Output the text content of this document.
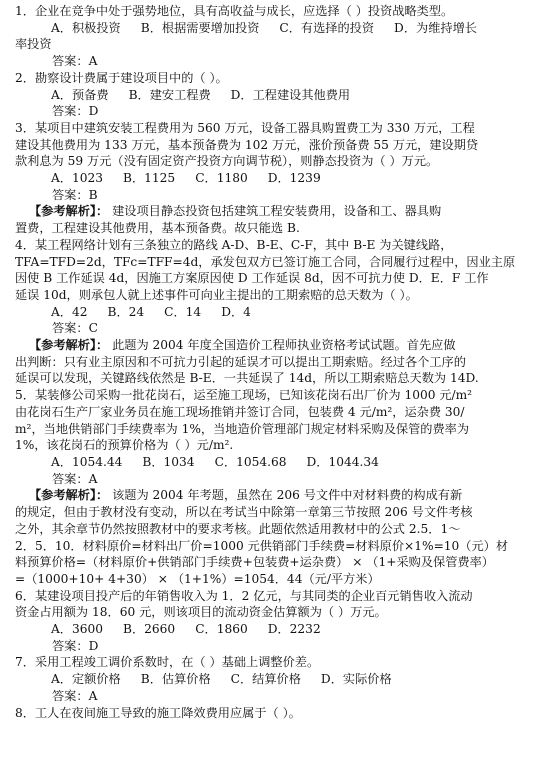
1．企业在竞争中处于强势地位，具有高收益与成长，应选择（ ）投资战略类型。
A．积极投资 B．根据需要增加投资 C．有选择的投资 D．为维持增长
率投资
答案：A
2．勘察设计费属于建设项目中的（ ）。
A．预备费 B．建安工程费 D．工程建设其他费用
答案：D
3．某项目中建筑安装工程费用为 560 万元，设备工器具购置费工为 330 万元，工程
建设其他费用为 133 万元，基本预备费为 102 万元，涨价预备费 55 万元，建设期贷
款利息为 59 万元（没有固定资产投资方向调节税），则静态投资为（ ）万元。
A．1023 B．1125 C．1180 D．1239
答案：B
【参考解析】： 建设项目静态投资包括建筑工程安装费用，设备和工、器具购
置费，工程建设其他费用，基本预备费。故只能选 B.
4．某工程网络计划有三条独立的路线 A-D、B-E、C-F，其中 B-E 为关键线路，
TFA=TFD=2d，TFc=TFF=4d，承发包双方已签订施工合同，合同履行过程中，因业主原
因使 B 工作延误 4d，因施工方案原因使 D 工作延误 8d，因不可抗力使 D．E．F 工作
延误 10d，则承包人就上述事件可向业主提出的工期索赔的总天数为（ ）。
A．42 B．24 C．14 D．4
答案：C
【参考解析】： 此题为 2004 年度全国造价工程师执业资格考试试题。首先应做
出判断：只有业主原因和不可抗力引起的延误才可以提出工期索赔。经过各个工序的
延误可以发现，关键路线依然是 B-E．一共延误了 14d，所以工期索赔总天数为 14D.
5．某装修公司采购一批花岗石，运至施工现场，已知该花岗石出厂价为 1000 元/m²
由花岗石生产厂家业务员在施工现场推销并签订合同，包装费 4 元/m²，运杂费 30/
m²，当地供销部门手续费率为 1%，当地造价管理部门规定材料采购及保管的费率为
1%，该花岗石的预算价格为（ ）元/m².
A．1054.44 B．1034 C．1054.68 D．1044.34
答案：A
【参考解析】： 该题为 2004 年考题，虽然在 206 号文件中对材料费的构成有新
的规定，但由于教材没有变动，所以在考试当中除第一章第三节按照 206 号文件考核
之外，其余章节仍然按照教材中的要求考核。此题依然适用教材中的公式 2.5．1～
2．5．10．材料原价=材料出厂价=1000 元供销部门手续费=材料原价×1%=10（元）材
料预算价格=（材料原价+供销部门手续费+包装费+运杂费） × （1+采购及保管费率）
=（1000+10+ 4+30） × （1+1%）=1054．44（元/平方米）
6．某建设项目投产后的年销售收入为 1．2 亿元，与其同类的企业百元销售收入流动
资金占用额为 18．60 元，则该项目的流动资金估算额为（ ）万元。
A．3600 B．2660 C．1860 D．2232
答案：D
7．采用工程竣工调价系数时，在（ ）基础上调整价差。
A．定额价格 B．估算价格 C．结算价格 D．实际价格
答案：A
8．工人在夜间施工导致的施工降效费用应属于（ ）。
